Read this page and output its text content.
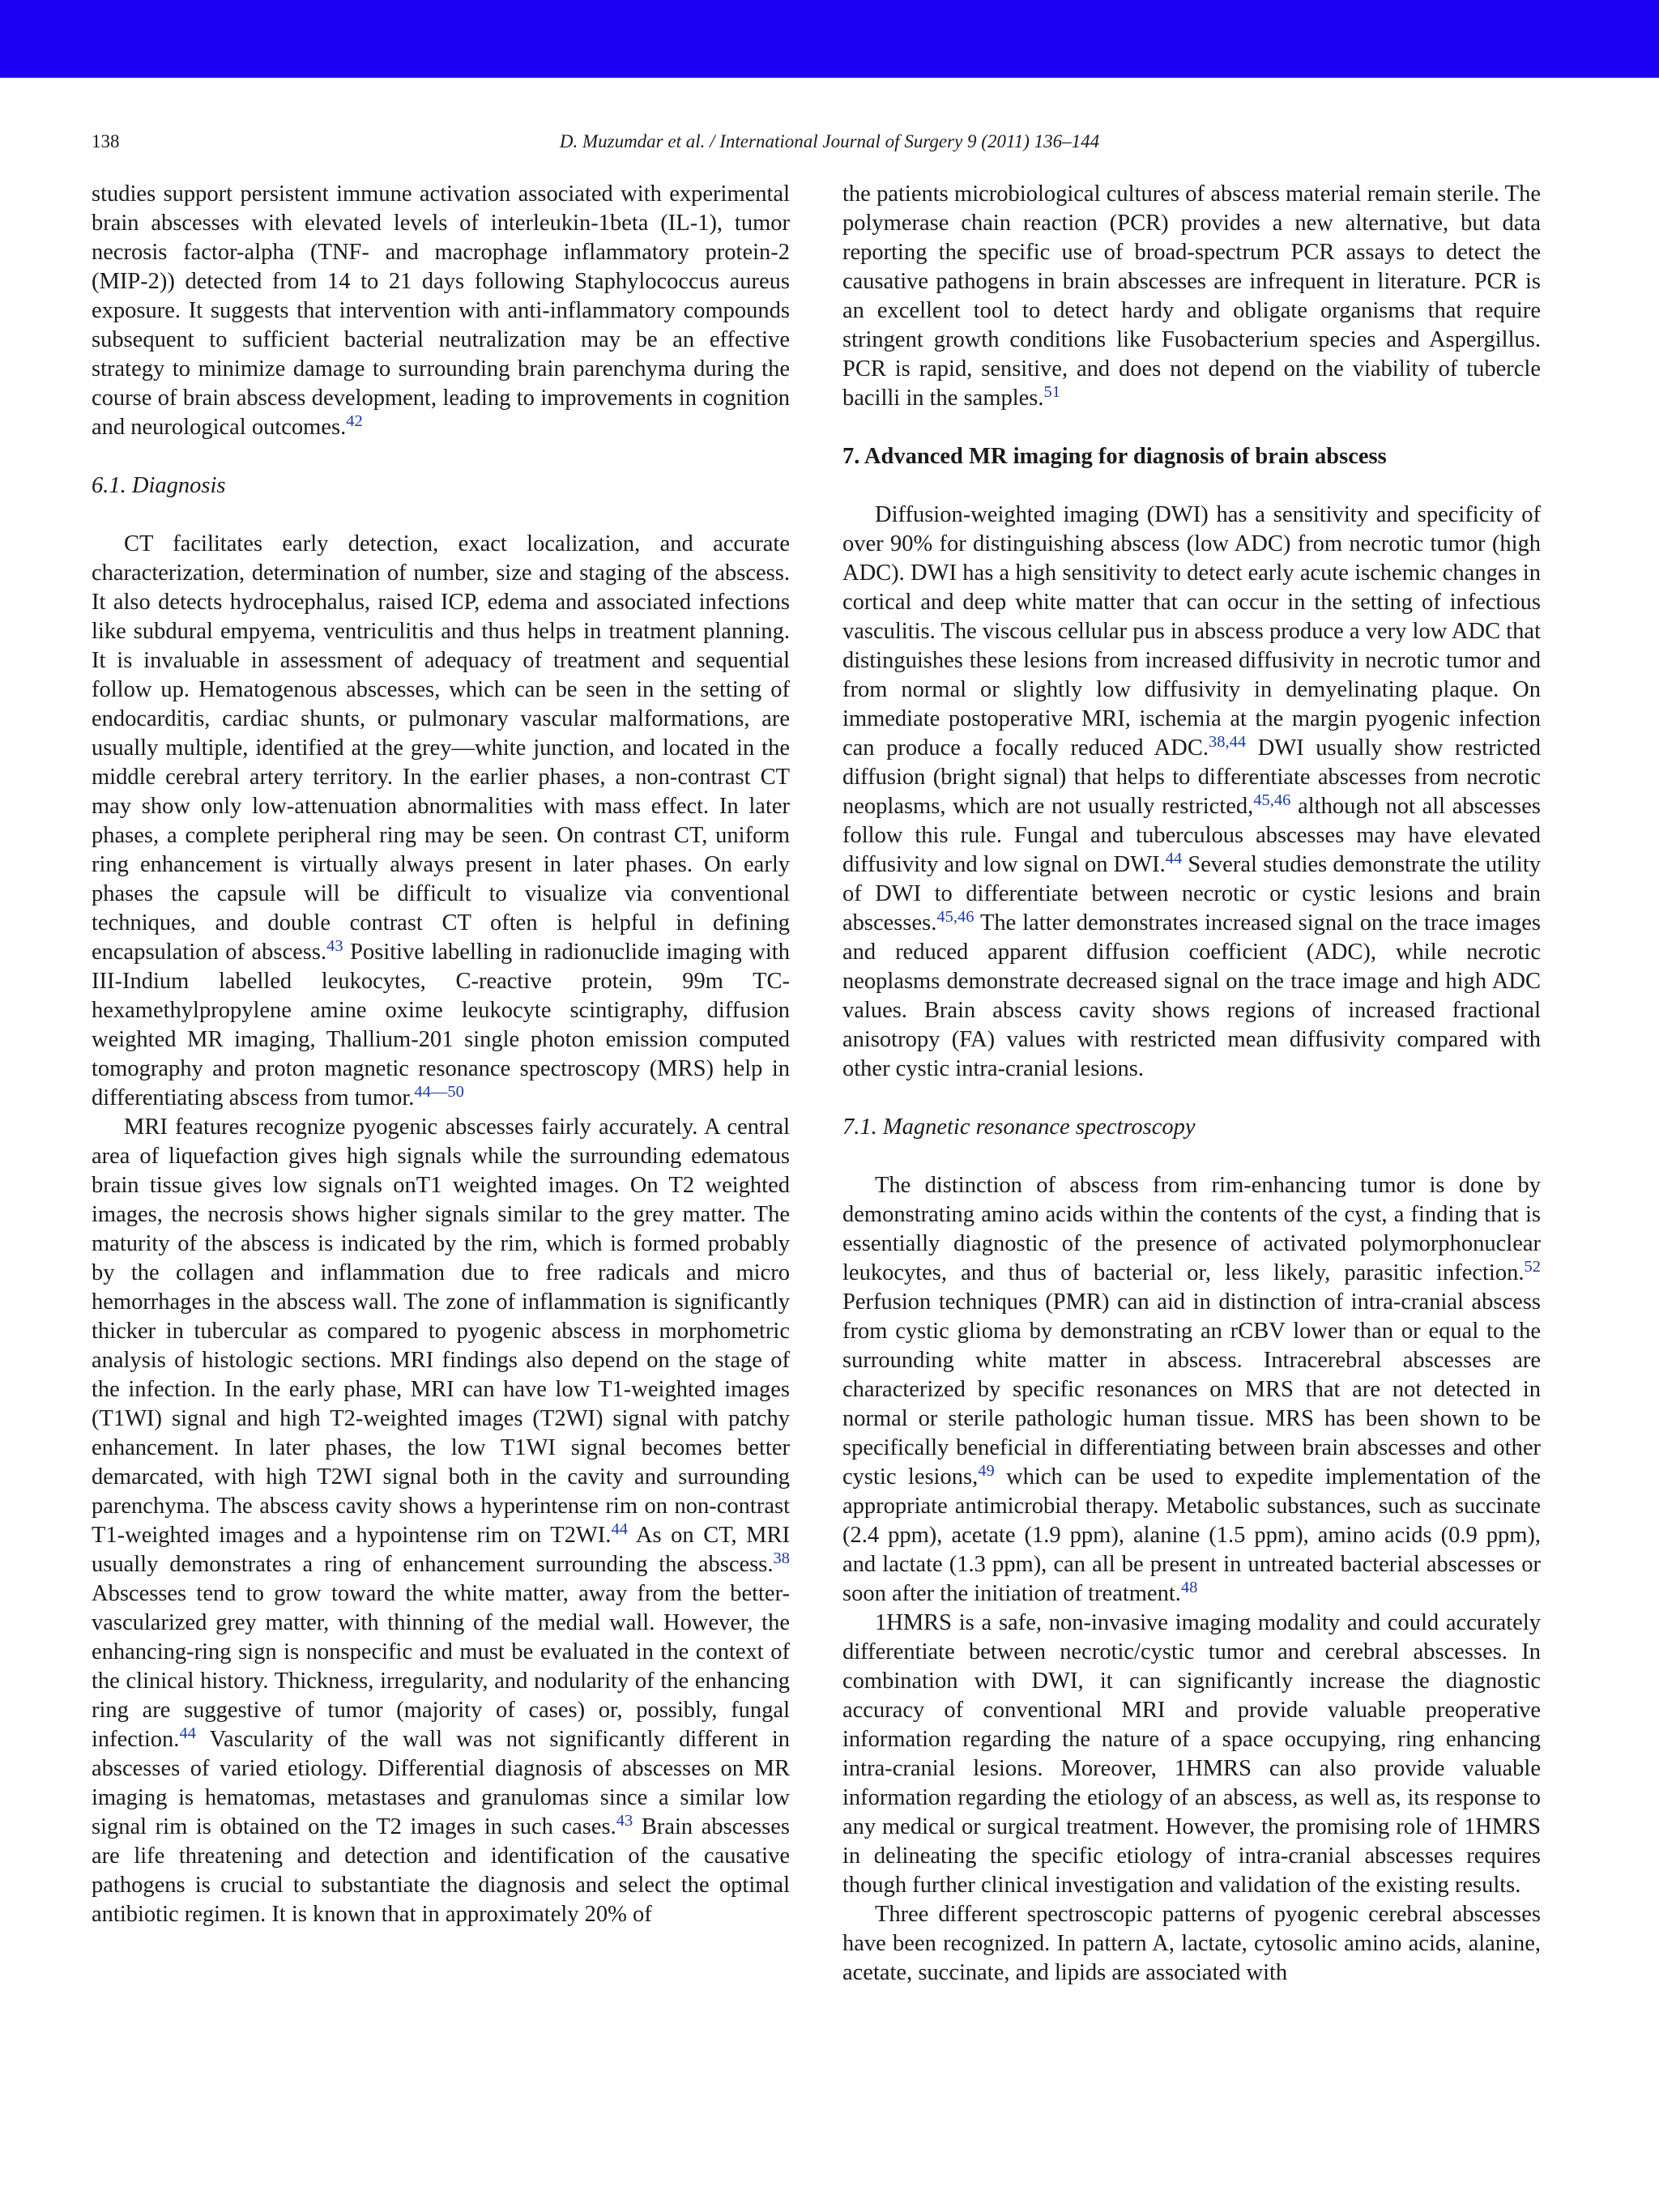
138	D. Muzumdar et al. / International Journal of Surgery 9 (2011) 136–144

studies support persistent immune activation associated with experimental brain abscesses with elevated levels of interleukin-1beta (IL-1), tumor necrosis factor-alpha (TNF- and macrophage inflammatory protein-2 (MIP-2)) detected from 14 to 21 days following Staphylococcus aureus exposure. It suggests that intervention with anti-inflammatory compounds subsequent to sufficient bacterial neutralization may be an effective strategy to minimize damage to surrounding brain parenchyma during the course of brain abscess development, leading to improvements in cognition and neurological outcomes.$^{42}$

6.1. Diagnosis

CT facilitates early detection, exact localization, and accurate characterization, determination of number, size and staging of the abscess. It also detects hydrocephalus, raised ICP, edema and associated infections like subdural empyema, ventriculitis and thus helps in treatment planning. It is invaluable in assessment of adequacy of treatment and sequential follow up. Hematogenous abscesses, which can be seen in the setting of endocarditis, cardiac shunts, or pulmonary vascular malformations, are usually multiple, identified at the grey—white junction, and located in the middle cerebral artery territory. In the earlier phases, a non-contrast CT may show only low-attenuation abnormalities with mass effect. In later phases, a complete peripheral ring may be seen. On contrast CT, uniform ring enhancement is virtually always present in later phases. On early phases the capsule will be difficult to visualize via conventional techniques, and double contrast CT often is helpful in defining encapsulation of abscess.$^{43}$ Positive labelling in radionuclide imaging with III-Indium labelled leukocytes, C-reactive protein, 99m TC-hexamethylpropylene amine oxime leukocyte scintigraphy, diffusion weighted MR imaging, Thallium-201 single photon emission computed tomography and proton magnetic resonance spectroscopy (MRS) help in differentiating abscess from tumor.$^{44—50}$

MRI features recognize pyogenic abscesses fairly accurately. A central area of liquefaction gives high signals while the surrounding edematous brain tissue gives low signals onT1 weighted images. On T2 weighted images, the necrosis shows higher signals similar to the grey matter. The maturity of the abscess is indicated by the rim, which is formed probably by the collagen and inflammation due to free radicals and micro hemorrhages in the abscess wall. The zone of inflammation is significantly thicker in tubercular as compared to pyogenic abscess in morphometric analysis of histologic sections. MRI findings also depend on the stage of the infection. In the early phase, MRI can have low T1-weighted images (T1WI) signal and high T2-weighted images (T2WI) signal with patchy enhancement. In later phases, the low T1WI signal becomes better demarcated, with high T2WI signal both in the cavity and surrounding parenchyma. The abscess cavity shows a hyperintense rim on non-contrast T1-weighted images and a hypointense rim on T2WI.$^{44}$ As on CT, MRI usually demonstrates a ring of enhancement surrounding the abscess.$^{38}$ Abscesses tend to grow toward the white matter, away from the better-vascularized grey matter, with thinning of the medial wall. However, the enhancing-ring sign is nonspecific and must be evaluated in the context of the clinical history. Thickness, irregularity, and nodularity of the enhancing ring are suggestive of tumor (majority of cases) or, possibly, fungal infection.$^{44}$ Vascularity of the wall was not significantly different in abscesses of varied etiology. Differential diagnosis of abscesses on MR imaging is hematomas, metastases and granulomas since a similar low signal rim is obtained on the T2 images in such cases.$^{43}$ Brain abscesses are life threatening and detection and identification of the causative pathogens is crucial to substantiate the diagnosis and select the optimal antibiotic regimen. It is known that in approximately 20% of

the patients microbiological cultures of abscess material remain sterile. The polymerase chain reaction (PCR) provides a new alternative, but data reporting the specific use of broad-spectrum PCR assays to detect the causative pathogens in brain abscesses are infrequent in literature. PCR is an excellent tool to detect hardy and obligate organisms that require stringent growth conditions like Fusobacterium species and Aspergillus. PCR is rapid, sensitive, and does not depend on the viability of tubercle bacilli in the samples.$^{51}$

7. Advanced MR imaging for diagnosis of brain abscess

Diffusion-weighted imaging (DWI) has a sensitivity and specificity of over 90% for distinguishing abscess (low ADC) from necrotic tumor (high ADC). DWI has a high sensitivity to detect early acute ischemic changes in cortical and deep white matter that can occur in the setting of infectious vasculitis. The viscous cellular pus in abscess produce a very low ADC that distinguishes these lesions from increased diffusivity in necrotic tumor and from normal or slightly low diffusivity in demyelinating plaque. On immediate postoperative MRI, ischemia at the margin pyogenic infection can produce a focally reduced ADC.$^{38,44}$ DWI usually show restricted diffusion (bright signal) that helps to differentiate abscesses from necrotic neoplasms, which are not usually restricted,$^{45,46}$ although not all abscesses follow this rule. Fungal and tuberculous abscesses may have elevated diffusivity and low signal on DWI.$^{44}$ Several studies demonstrate the utility of DWI to differentiate between necrotic or cystic lesions and brain abscesses.$^{45,46}$ The latter demonstrates increased signal on the trace images and reduced apparent diffusion coefficient (ADC), while necrotic neoplasms demonstrate decreased signal on the trace image and high ADC values. Brain abscess cavity shows regions of increased fractional anisotropy (FA) values with restricted mean diffusivity compared with other cystic intra-cranial lesions.

7.1. Magnetic resonance spectroscopy

The distinction of abscess from rim-enhancing tumor is done by demonstrating amino acids within the contents of the cyst, a finding that is essentially diagnostic of the presence of activated polymorphonuclear leukocytes, and thus of bacterial or, less likely, parasitic infection.$^{52}$ Perfusion techniques (PMR) can aid in distinction of intra-cranial abscess from cystic glioma by demonstrating an rCBV lower than or equal to the surrounding white matter in abscess. Intracerebral abscesses are characterized by specific resonances on MRS that are not detected in normal or sterile pathologic human tissue. MRS has been shown to be specifically beneficial in differentiating between brain abscesses and other cystic lesions,$^{49}$ which can be used to expedite implementation of the appropriate antimicrobial therapy. Metabolic substances, such as succinate (2.4 ppm), acetate (1.9 ppm), alanine (1.5 ppm), amino acids (0.9 ppm), and lactate (1.3 ppm), can all be present in untreated bacterial abscesses or soon after the initiation of treatment.$^{48}$

1HMRS is a safe, non-invasive imaging modality and could accurately differentiate between necrotic/cystic tumor and cerebral abscesses. In combination with DWI, it can significantly increase the diagnostic accuracy of conventional MRI and provide valuable preoperative information regarding the nature of a space occupying, ring enhancing intra-cranial lesions. Moreover, 1HMRS can also provide valuable information regarding the etiology of an abscess, as well as, its response to any medical or surgical treatment. However, the promising role of 1HMRS in delineating the specific etiology of intra-cranial abscesses requires though further clinical investigation and validation of the existing results.

Three different spectroscopic patterns of pyogenic cerebral abscesses have been recognized. In pattern A, lactate, cytosolic amino acids, alanine, acetate, succinate, and lipids are associated with
